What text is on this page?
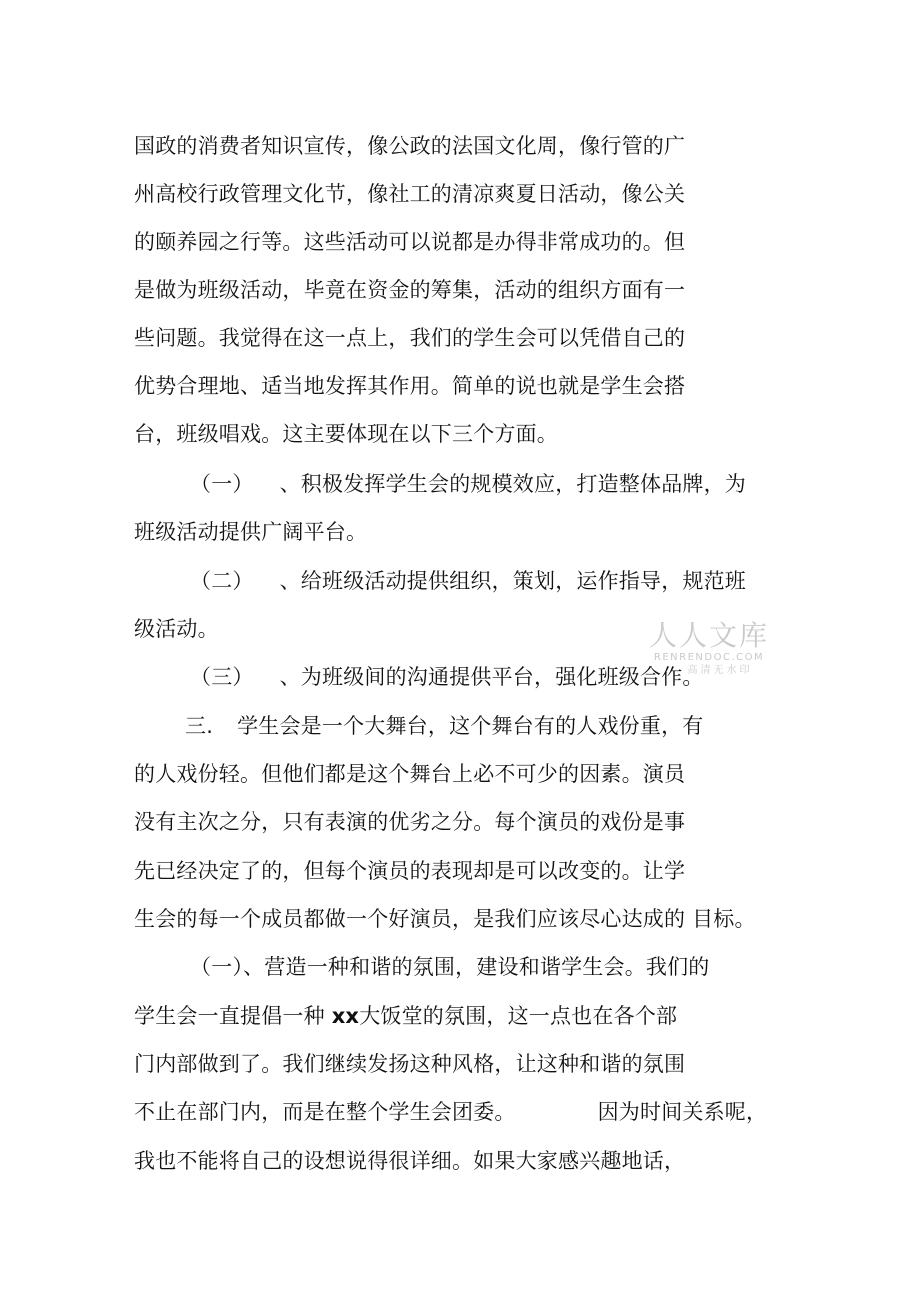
国政的消费者知识宣传，像公政的法国文化周，像行管的广
州高校行政管理文化节，像社工的清凉爽夏日活动，像公关
的颐养园之行等。这些活动可以说都是办得非常成功的。但
是做为班级活动，毕竟在资金的筹集，活动的组织方面有一
些问题。我觉得在这一点上，我们的学生会可以凭借自己的
优势合理地、适当地发挥其作用。简单的说也就是学生会搭
台，班级唱戏。这主要体现在以下三个方面。
（一） 、积极发挥学生会的规模效应，打造整体品牌，为
班级活动提供广阔平台。
（二） 、给班级活动提供组织，策划，运作指导，规范班
级活动。
（三） 、为班级间的沟通提供平台，强化班级合作。
三. 学生会是一个大舞台，这个舞台有的人戏份重，有
的人戏份轻。但他们都是这个舞台上必不可少的因素。演员
没有主次之分，只有表演的优劣之分。每个演员的戏份是事
先已经决定了的，但每个演员的表现却是可以改变的。让学
生会的每一个成员都做一个好演员，是我们应该尽心达成的 目标。
（一）、营造一种和谐的氛围，建设和谐学生会。我们的
学生会一直提倡一种 xx大饭堂的氛围，这一点也在各个部
门内部做到了。我们继续发扬这种风格，让这种和谐的氛围
不止在部门内，而是在整个学生会团委。	因为时间关系呢，
我也不能将自己的设想说得很详细。如果大家感兴趣地话，
人人文库
RENRENDOC.COM
高清无水印
